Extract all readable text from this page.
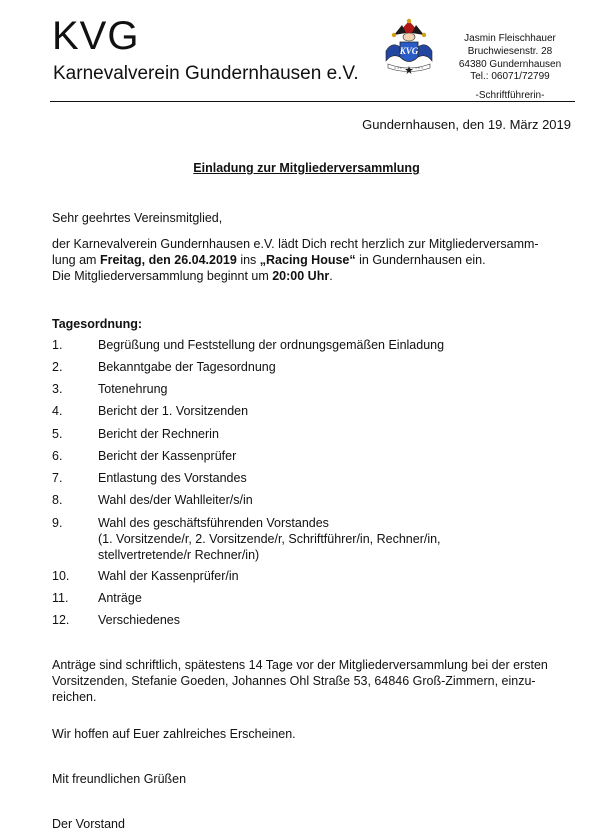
KVG
Karnevalverein Gundernhausen e.V.
KVG
Jasmin Fleischhauer
Bruchwiesenstr. 28
64380 Gundernhausen
Tel.: 06071/72799
-Schriftführerin-
Gundernhausen, den 19. März 2019
Einladung zur Mitgliederversammlung
Sehr geehrtes Vereinsmitglied,
der Karnevalverein Gundernhausen e.V. lädt Dich recht herzlich zur Mitgliederversamm-
lung am Freitag, den 26.04.2019 ins „Racing House“ in Gundernhausen ein.
Die Mitgliederversammlung beginnt um 20:00 Uhr.
Tagesordnung:
1.	Begrüßung und Feststellung der ordnungsgemäßen Einladung
2.	Bekanntgabe der Tagesordnung
3.	Totenehrung
4.	Bericht der 1. Vorsitzenden
5.	Bericht der Rechnerin
6.	Bericht der Kassenprüfer
7.	Entlastung des Vorstandes
8.	Wahl des/der Wahlleiter/s/in
9.	Wahl des geschäftsführenden Vorstandes
(1. Vorsitzende/r, 2. Vorsitzende/r, Schriftführer/in, Rechner/in,
stellvertretende/r Rechner/in)
10. Wahl der Kassenprüfer/in
11. Anträge
12. Verschiedenes
Anträge sind schriftlich, spätestens 14 Tage vor der Mitgliederversammlung bei der ersten
Vorsitzenden, Stefanie Goeden, Johannes Ohl Straße 53, 64846 Groß-Zimmern, einzu-
reichen.
Wir hoffen auf Euer zahlreiches Erscheinen.
Mit freundlichen Grüßen
Der Vorstand
